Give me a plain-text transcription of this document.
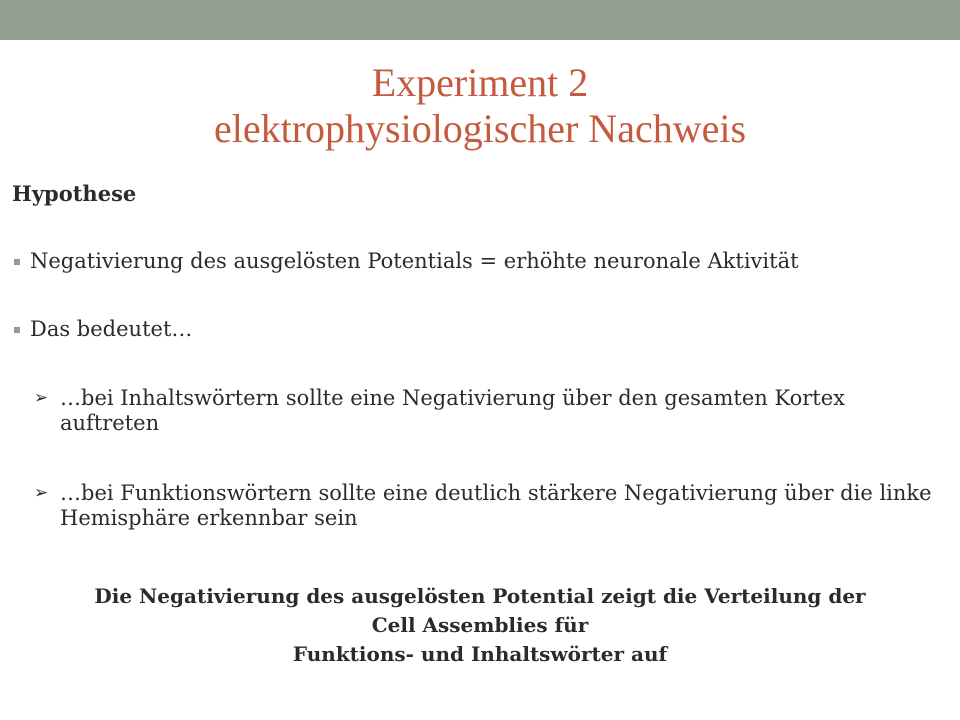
Experiment 2
elektrophysiologischer Nachweis
Hypothese
Negativierung des ausgelösten Potentials = erhöhte neuronale Aktivität
Das bedeutet…
➢ …bei Inhaltswörtern sollte eine Negativierung über den gesamten Kortex auftreten
➢ …bei Funktionswörtern sollte eine deutlich stärkere Negativierung über die linke Hemisphäre erkennbar sein
Die Negativierung des ausgelösten Potential zeigt die Verteilung der
Cell Assemblies für
Funktions- und Inhaltswörter auf
